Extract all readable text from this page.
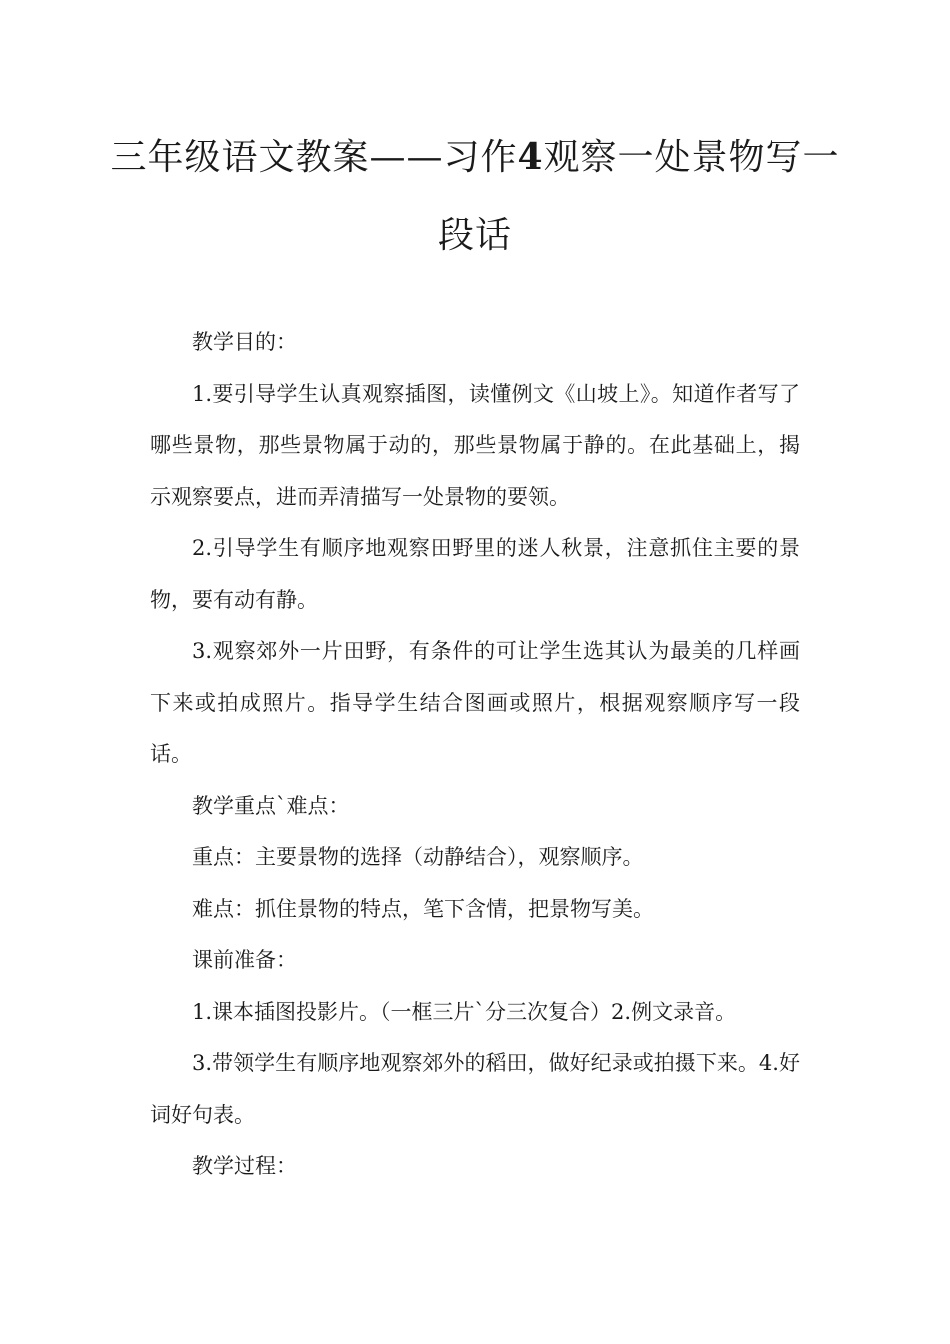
三年级语文教案——习作4观察一处景物写一段话

教学目的：

1.要引导学生认真观察插图，读懂例文《山坡上》。知道作者写了哪些景物，那些景物属于动的，那些景物属于静的。在此基础上，揭示观察要点，进而弄清描写一处景物的要领。

2.引导学生有顺序地观察田野里的迷人秋景，注意抓住主要的景物，要有动有静。

3.观察郊外一片田野，有条件的可让学生选其认为最美的几样画下来或拍成照片。指导学生结合图画或照片，根据观察顺序写一段话。

教学重点`难点：

重点：主要景物的选择（动静结合），观察顺序。

难点：抓住景物的特点，笔下含情，把景物写美。

课前准备：

1.课本插图投影片。（一框三片`分三次复合）2.例文录音。

3.带领学生有顺序地观察郊外的稻田，做好纪录或拍摄下来。4.好词好句表。

教学过程：
